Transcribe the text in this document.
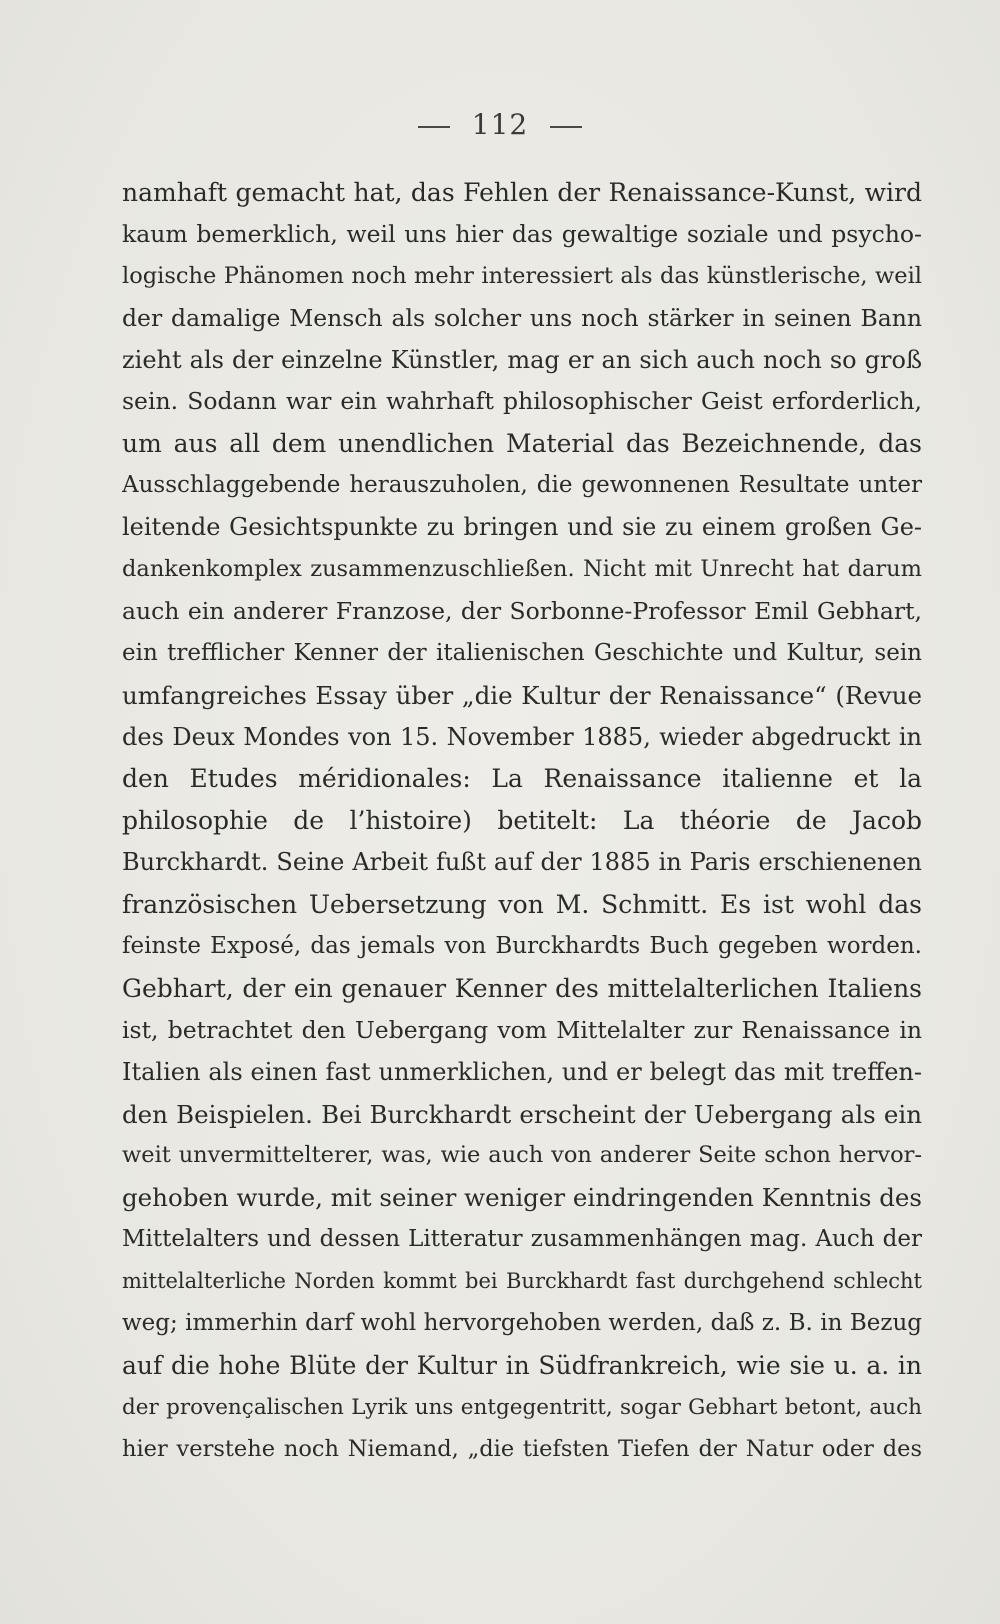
112
namhaft gemacht hat, das Fehlen der Renaissance-Kunst, wird
kaum bemerklich, weil uns hier das gewaltige soziale und psycho-
logische Phänomen noch mehr interessiert als das künstlerische, weil
der damalige Mensch als solcher uns noch stärker in seinen Bann
zieht als der einzelne Künstler, mag er an sich auch noch so groß
sein. Sodann war ein wahrhaft philosophischer Geist erforderlich,
um aus all dem unendlichen Material das Bezeichnende, das
Ausschlaggebende herauszuholen, die gewonnenen Resultate unter
leitende Gesichtspunkte zu bringen und sie zu einem großen Ge-
dankenkomplex zusammenzuschließen. Nicht mit Unrecht hat darum
auch ein anderer Franzose, der Sorbonne-Professor Emil Gebhart,
ein trefflicher Kenner der italienischen Geschichte und Kultur, sein
umfangreiches Essay über „die Kultur der Renaissance“ (Revue
des Deux Mondes von 15. November 1885, wieder abgedruckt in
den Etudes méridionales: La Renaissance italienne et la
philosophie de l’histoire) betitelt: La théorie de Jacob
Burckhardt. Seine Arbeit fußt auf der 1885 in Paris erschienenen
französischen Uebersetzung von M. Schmitt. Es ist wohl das
feinste Exposé, das jemals von Burckhardts Buch gegeben worden.
Gebhart, der ein genauer Kenner des mittelalterlichen Italiens
ist, betrachtet den Uebergang vom Mittelalter zur Renaissance in
Italien als einen fast unmerklichen, und er belegt das mit treffen-
den Beispielen. Bei Burckhardt erscheint der Uebergang als ein
weit unvermittelterer, was, wie auch von anderer Seite schon hervor-
gehoben wurde, mit seiner weniger eindringenden Kenntnis des
Mittelalters und dessen Litteratur zusammenhängen mag. Auch der
mittelalterliche Norden kommt bei Burckhardt fast durchgehend schlecht
weg; immerhin darf wohl hervorgehoben werden, daß z. B. in Bezug
auf die hohe Blüte der Kultur in Südfrankreich, wie sie u. a. in
der provençalischen Lyrik uns entgegentritt, sogar Gebhart betont, auch
hier verstehe noch Niemand, „die tiefsten Tiefen der Natur oder des
